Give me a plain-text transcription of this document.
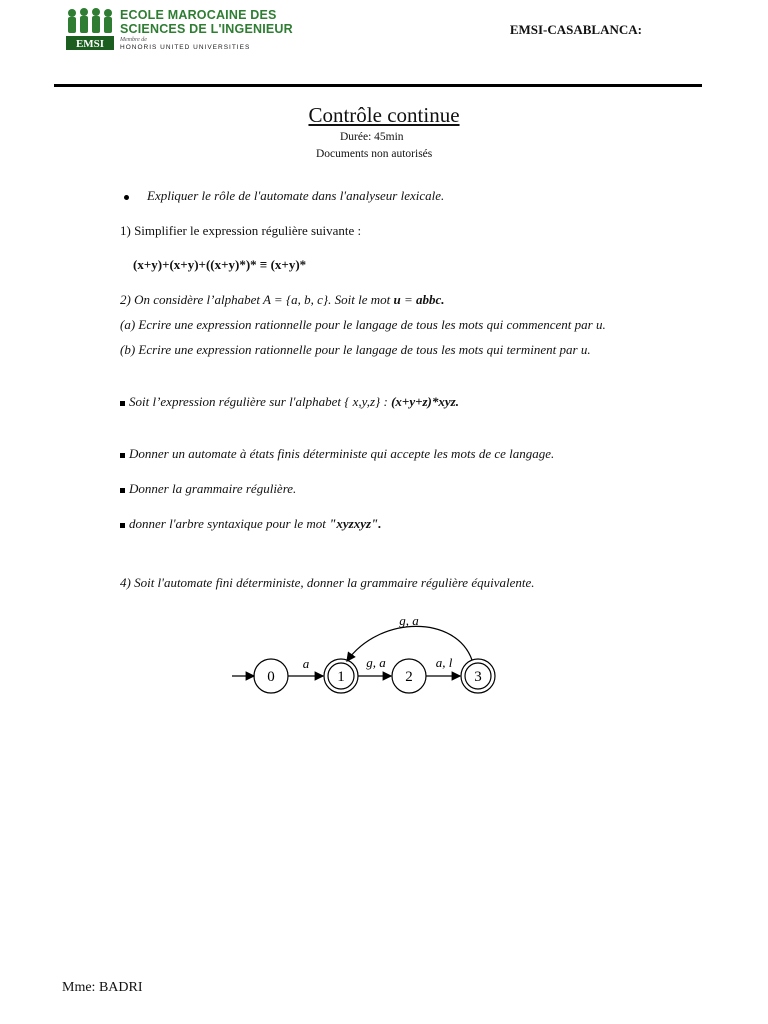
EMSI
ECOLE MAROCAINE DES
SCIENCES DE L'INGENIEUR
Membre de
HONORIS UNITED UNIVERSITIES
EMSI-CASABLANCA:
Contrôle continue
Durée: 45min
Documents non autorisés
Expliquer le rôle de l'automate dans l'analyseur lexicale.
1) Simplifier le expression régulière suivante :
(x+y)+(x+y)+((x+y)*)* ≡ (x+y)*
2) On considère l’alphabet A = {a, b, c}. Soit le mot u = abbc.
(a) Ecrire une expression rationnelle pour le langage de tous les mots qui commencent par u.
(b) Ecrire une expression rationnelle pour le langage de tous les mots qui terminent par u.
Soit l’expression régulière sur l'alphabet { x,y,z} : (x+y+z)*xyz.
Donner un automate à états finis déterministe qui accepte les mots de ce langage.
Donner la grammaire régulière.
donner l'arbre syntaxique pour le mot "xyzxyz".
4) Soit l'automate fini déterministe, donner la grammaire régulière équivalente.
0	1	2	3
a	g, a	a, l
g, a
Mme: BADRI
